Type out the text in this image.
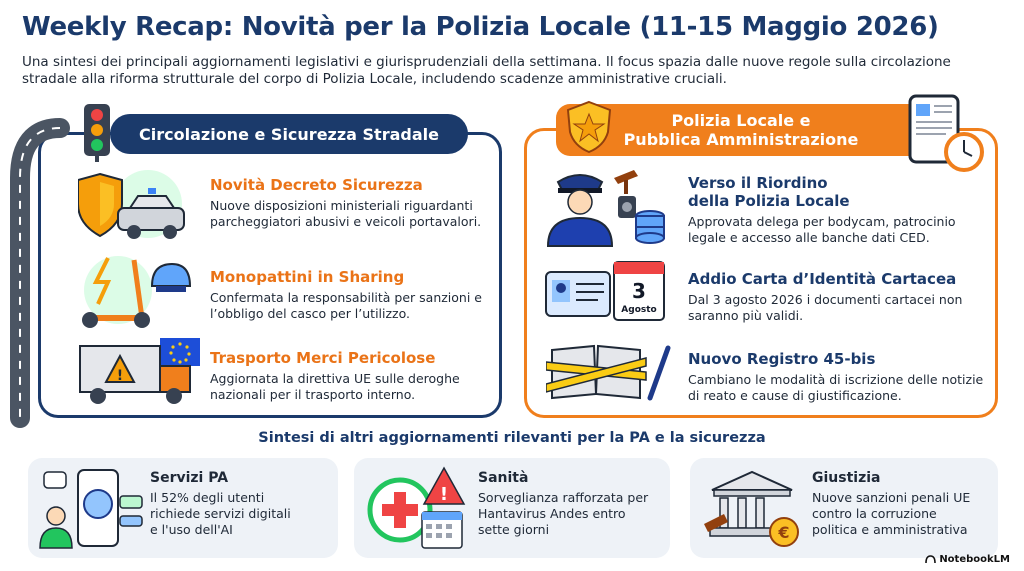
Weekly Recap: Novità per la Polizia Locale (11-15 Maggio 2026)
Una sintesi dei principali aggiornamenti legislativi e giurisprudenziali della settimana. Il focus spazia dalle nuove regole sulla circolazione stradale alla riforma strutturale del corpo di Polizia Locale, includendo scadenze amministrative cruciali.
Circolazione e Sicurezza Stradale
!
Novità Decreto Sicurezza
Nuove disposizioni ministeriali riguardanti parcheggiatori abusivi e veicoli portavalori.
Monopattini in Sharing
Confermata la responsabilità per sanzioni e l’obbligo del casco per l’utilizzo.
Trasporto Merci Pericolose
Aggiornata la direttiva UE sulle deroghe nazionali per il trasporto interno.
Polizia Locale e
Pubblica Amministrazione
3
Agosto
Verso il Riordino
della Polizia Locale
Approvata delega per bodycam, patrocinio legale e accesso alle banche dati CED.
Addio Carta d’Identità Cartacea
Dal 3 agosto 2026 i documenti cartacei non saranno più validi.
Nuovo Registro 45-bis
Cambiano le modalità di iscrizione delle notizie di reato e cause di giustificazione.
Sintesi di altri aggiornamenti rilevanti per la PA e la sicurezza
Servizi PA
Il 52% degli utenti
richiede servizi digitali
e l'uso dell'AI
!
Sanità
Sorveglianza rafforzata per
Hantavirus Andes entro
sette giorni	€
Giustizia
Nuove sanzioni penali UE
contro la corruzione
politica e amministrativa
NotebookLM
